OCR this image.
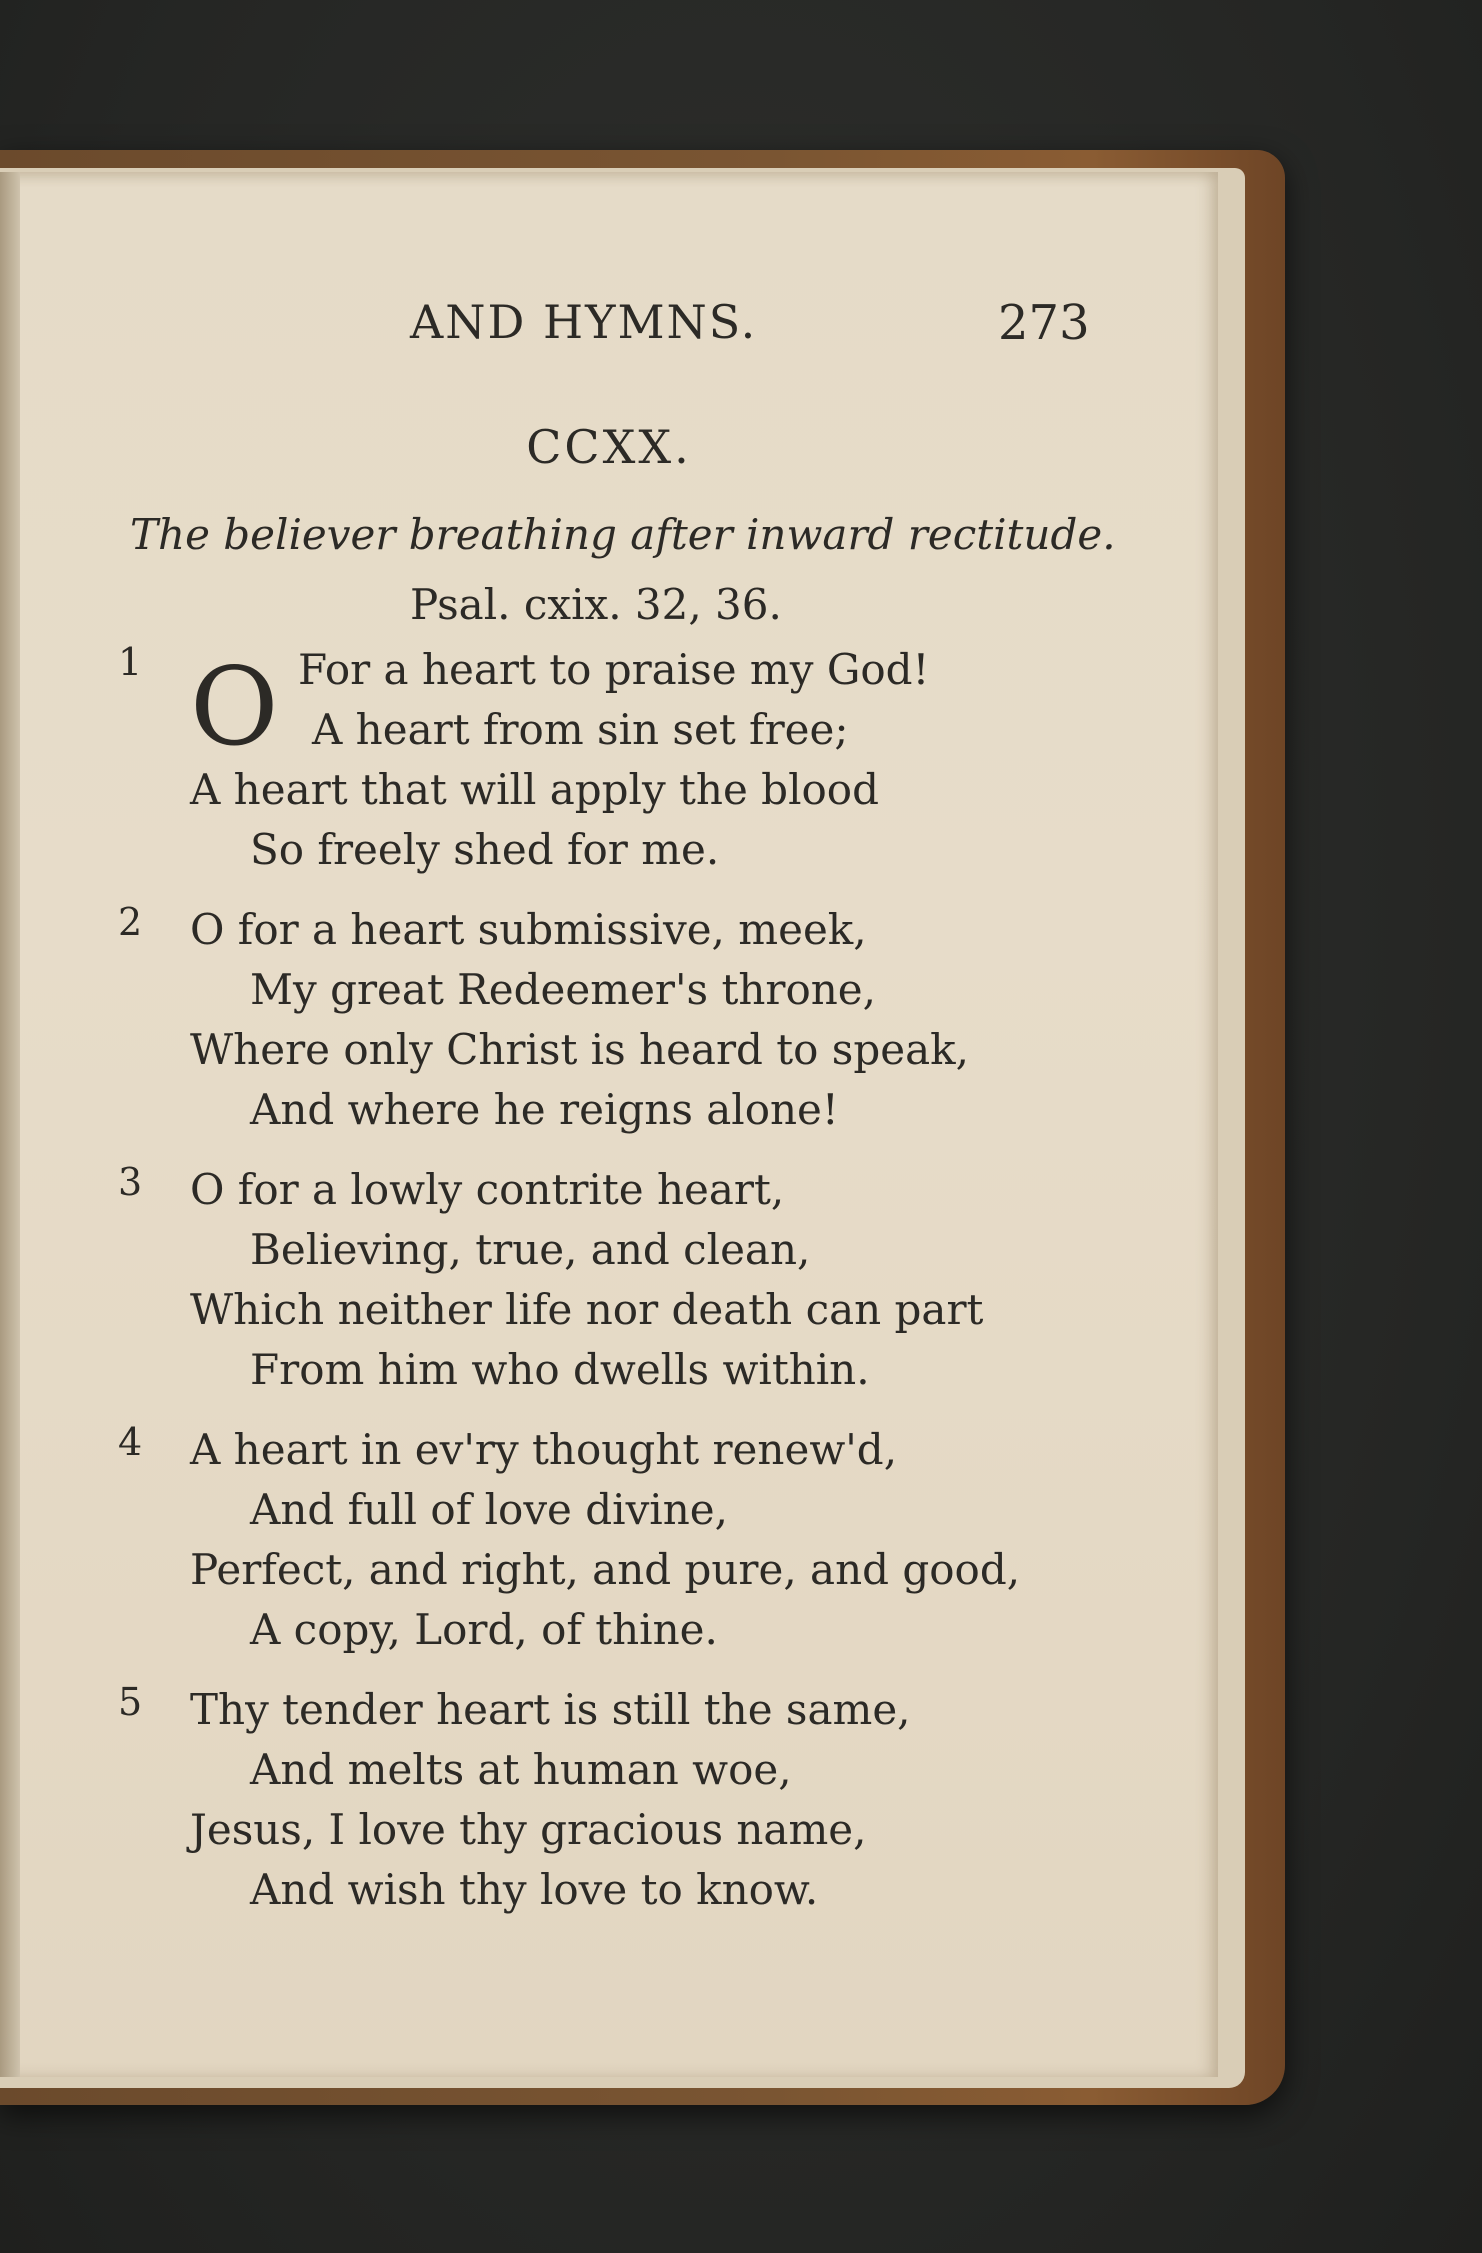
AND HYMNS.	273
CCXX.
The believer breathing after inward rectitude.
Psal. cxix. 32, 36.
1 O For a heart to praise my God!
A heart from sin set free;
A heart that will apply the blood
So freely shed for me.
2	O for a heart submissive, meek,
My great Redeemer's throne,
Where only Christ is heard to speak,
And where he reigns alone!
3	O for a lowly contrite heart,
Believing, true, and clean,
Which neither life nor death can part
From him who dwells within.
4	A heart in ev'ry thought renew'd,
And full of love divine,
Perfect, and right, and pure, and good,
A copy, Lord, of thine.
5	Thy tender heart is still the same,
And melts at human woe,
Jesus, I love thy gracious name,
And wish thy love to know.
